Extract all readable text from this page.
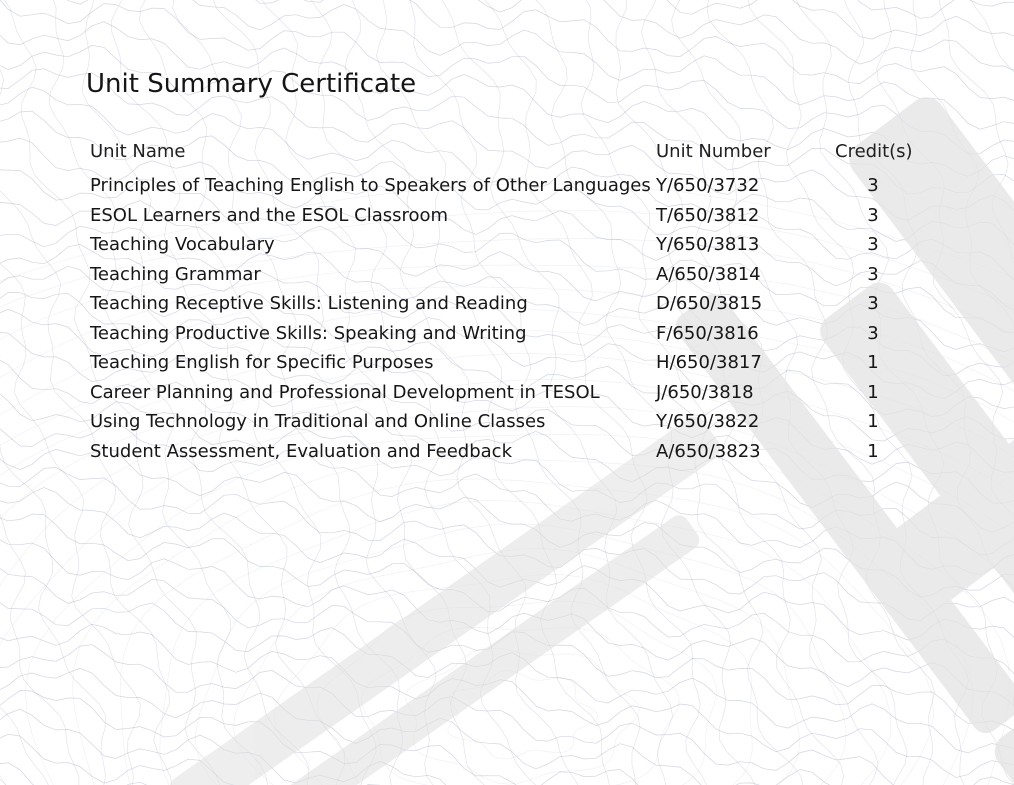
Unit Summary Certificate
Unit Name	Unit Number	Credit(s)
Principles of Teaching English to Speakers of Other Languages Y/650/3732	3
ESOL Learners and the ESOL Classroom	T/650/3812	3
Teaching Vocabulary	Y/650/3813	3
Teaching Grammar	A/650/3814	3
Teaching Receptive Skills: Listening and Reading	D/650/3815	3
Teaching Productive Skills: Speaking and Writing	F/650/3816	3
Teaching English for Specific Purposes	H/650/3817	1
Career Planning and Professional Development in TESOL	J/650/3818	1
Using Technology in Traditional and Online Classes	Y/650/3822	1
Student Assessment, Evaluation and Feedback	A/650/3823	1
